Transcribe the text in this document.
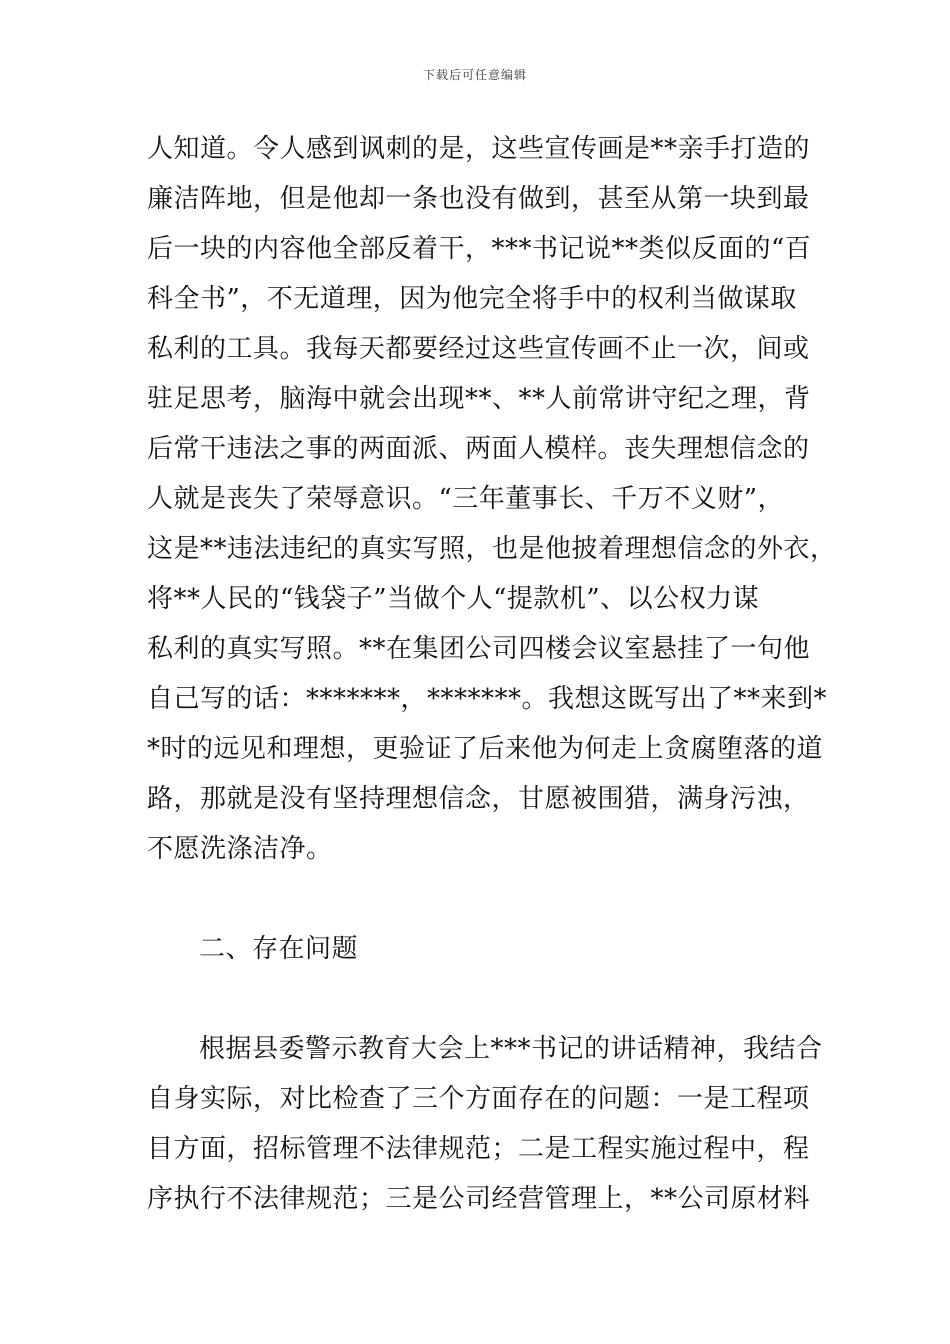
下载后可任意编辑
人知道。令人感到讽刺的是，这些宣传画是**亲手打造的
廉洁阵地，但是他却一条也没有做到，甚至从第一块到最
后一块的内容他全部反着干，***书记说**类似反面的“百
科全书”，不无道理，因为他完全将手中的权利当做谋取
私利的工具。我每天都要经过这些宣传画不止一次，间或
驻足思考，脑海中就会出现**、**人前常讲守纪之理，背
后常干违法之事的两面派、两面人模样。丧失理想信念的
人就是丧失了荣辱意识。“三年董事长、千万不义财”，
这是**违法违纪的真实写照，也是他披着理想信念的外衣，
将**人民的“钱袋子”当做个人“提款机”、以公权力谋
私利的真实写照。**在集团公司四楼会议室悬挂了一句他
自己写的话：*******，*******。我想这既写出了**来到*
*时的远见和理想，更验证了后来他为何走上贪腐堕落的道
路，那就是没有坚持理想信念，甘愿被围猎，满身污浊，
不愿洗涤洁净。
二、存在问题
根据县委警示教育大会上***书记的讲话精神，我结合
自身实际，对比检查了三个方面存在的问题：一是工程项
目方面，招标管理不法律规范；二是工程实施过程中，程
序执行不法律规范；三是公司经营管理上，**公司原材料
